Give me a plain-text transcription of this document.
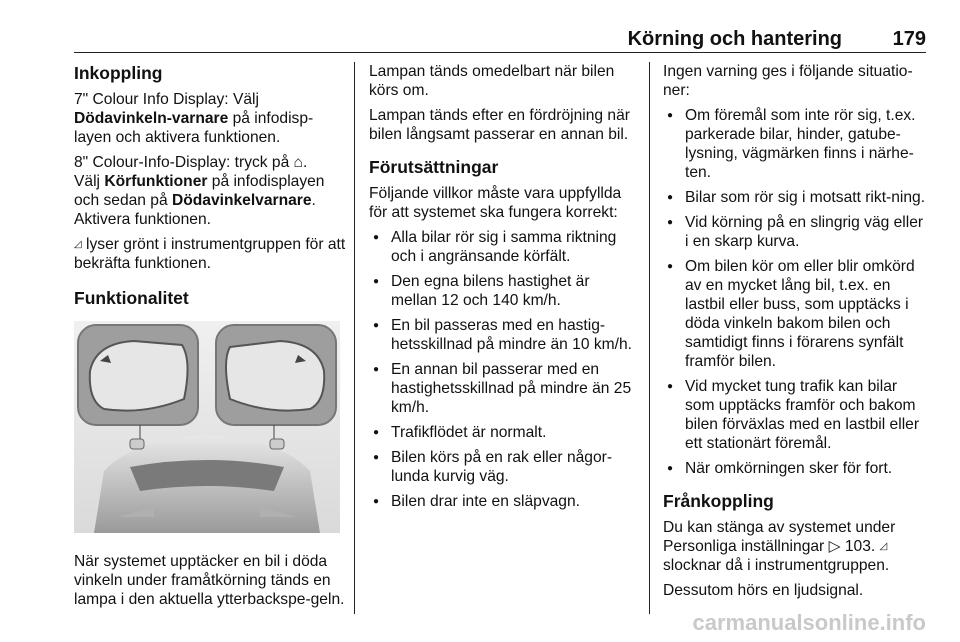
Körning och hantering	179
Inkoppling

7" Colour Info Display: Välj
Dödavinkeln-varnare på infodisp-layen och aktivera funktionen.

8" Colour-Info-Display: tryck på ⌂.
Välj Körfunktioner på infodisplayen och sedan på Dödavinkelvarnare. Aktivera funktionen.

◿ lyser grönt i instrumentgruppen för att bekräfta funktionen.

Funktionalitet

När systemet upptäcker en bil i döda vinkeln under framåtkörning tänds en lampa i den aktuella ytterbackspe-geln.

Lampan tänds omedelbart när bilen körs om.

Lampan tänds efter en fördröjning när bilen långsamt passerar en annan bil.

Förutsättningar

Följande villkor måste vara uppfyllda för att systemet ska fungera korrekt:

● Alla bilar rör sig i samma riktning och i angränsande körfält.
● Den egna bilens hastighet är mellan 12 och 140 km/h.
● En bil passeras med en hastig-hetsskillnad på mindre än 10 km/h.
● En annan bil passerar med en hastighetsskillnad på mindre än 25 km/h.
● Trafikflödet är normalt.
● Bilen körs på en rak eller någor-lunda kurvig väg.
● Bilen drar inte en släpvagn.

Ingen varning ges i följande situatio-ner:

● Om föremål som inte rör sig, t.ex. parkerade bilar, hinder, gatube-lysning, vägmärken finns i närhe-ten.
● Bilar som rör sig i motsatt rikt-ning.
● Vid körning på en slingrig väg eller i en skarp kurva.
● Om bilen kör om eller blir omkörd av en mycket lång bil, t.ex. en lastbil eller buss, som upptäcks i döda vinkeln bakom bilen och samtidigt finns i förarens synfält framför bilen.
● Vid mycket tung trafik kan bilar som upptäcks framför och bakom bilen förväxlas med en lastbil eller ett stationärt föremål.
● När omkörningen sker för fort.
Frånkoppling

Du kan stänga av systemet under Personliga inställningar ▷ 103. ◿ slocknar då i instrumentgruppen.

Dessutom hörs en ljudsignal.

carmanualsonline.info
